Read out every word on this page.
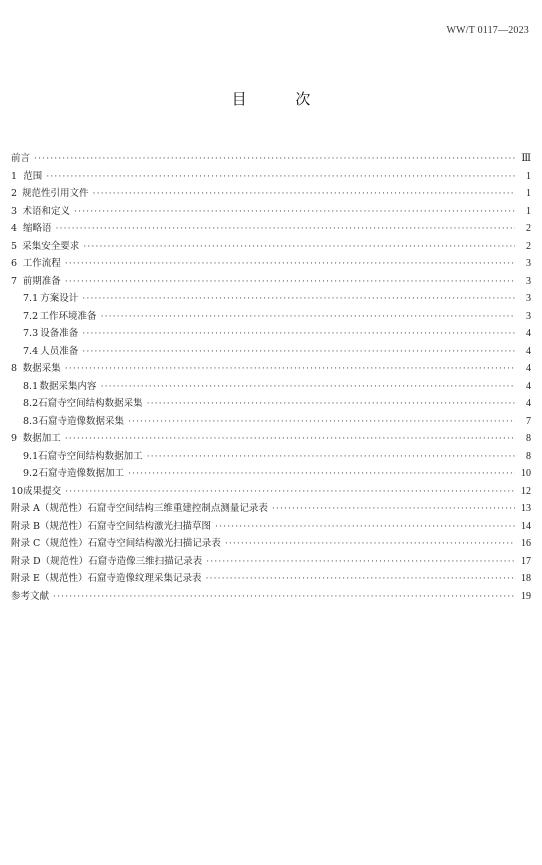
WW/T 0117—2023
目 次
前言 ·····	Ⅲ
1 范围 ·····	1
2 规范性引用文件 ·····	1
3 术语和定义 ·····	1
4 缩略语 ·····	2
5 采集安全要求 ·····	2
6 工作流程 ·····	3
7 前期准备 ·····	3
7.1 方案设计 ·····	3
7.2 工作环境准备 ·····	3
7.3 设备准备 ·····	4
7.4 人员准备 ·····	4
8 数据采集 ·····	4
8.1 数据采集内容 ·····	4
8.2 石窟寺空间结构数据采集 ·····	4
8.3 石窟寺造像数据采集 ·····	7
9 数据加工 ·····	8
9.1 石窟寺空间结构数据加工 ·····	8
9.2 石窟寺造像数据加工 ·····	10
10 成果提交 ·····	12
附录 A（规范性） 石窟寺空间结构三维重建控制点测量记录表 ·····	13
附录 B（规范性） 石窟寺空间结构激光扫描草图 ·····	14
附录 C（规范性） 石窟寺空间结构激光扫描记录表 ·····	16
附录 D（规范性） 石窟寺造像三维扫描记录表 ·····	17
附录 E（规范性） 石窟寺造像纹理采集记录表 ·····	18
参考文献 ·····	19
